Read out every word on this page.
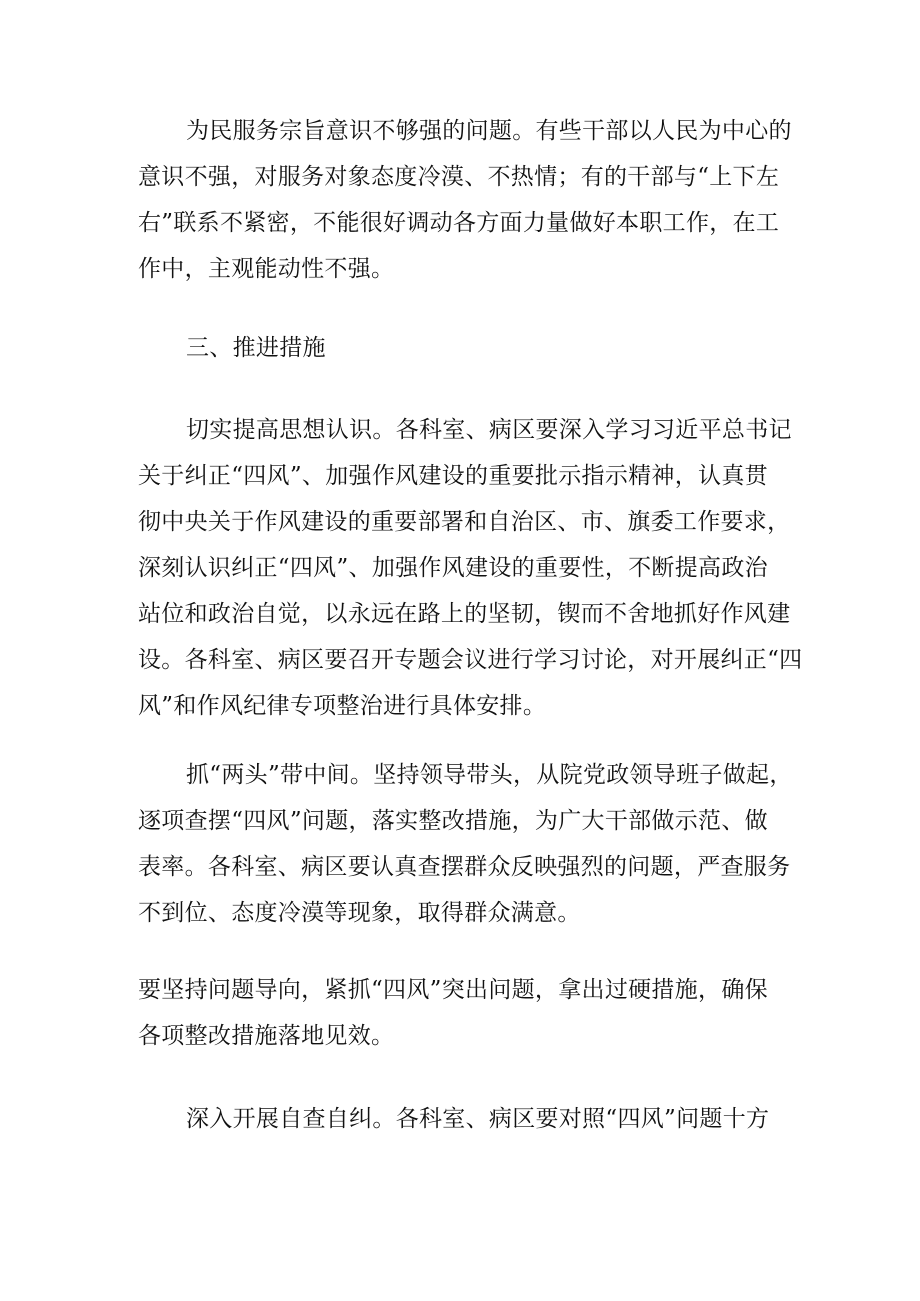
为民服务宗旨意识不够强的问题。有些干部以人民为中心的
意识不强，对服务对象态度冷漠、不热情；有的干部与“上下左
右”联系不紧密，不能很好调动各方面力量做好本职工作，在工
作中，主观能动性不强。
三、推进措施
切实提高思想认识。各科室、病区要深入学习习近平总书记
关于纠正“四风”、加强作风建设的重要批示指示精神，认真贯
彻中央关于作风建设的重要部署和自治区、市、旗委工作要求，
深刻认识纠正“四风”、加强作风建设的重要性，不断提高政治
站位和政治自觉，以永远在路上的坚韧，锲而不舍地抓好作风建
设。各科室、病区要召开专题会议进行学习讨论，对开展纠正“四
风”和作风纪律专项整治进行具体安排。
抓“两头”带中间。坚持领导带头，从院党政领导班子做起，
逐项查摆“四风”问题，落实整改措施，为广大干部做示范、做
表率。各科室、病区要认真查摆群众反映强烈的问题，严查服务
不到位、态度冷漠等现象，取得群众满意。
要坚持问题导向，紧抓“四风”突出问题，拿出过硬措施，确保
各项整改措施落地见效。
深入开展自查自纠。各科室、病区要对照“四风”问题十方
